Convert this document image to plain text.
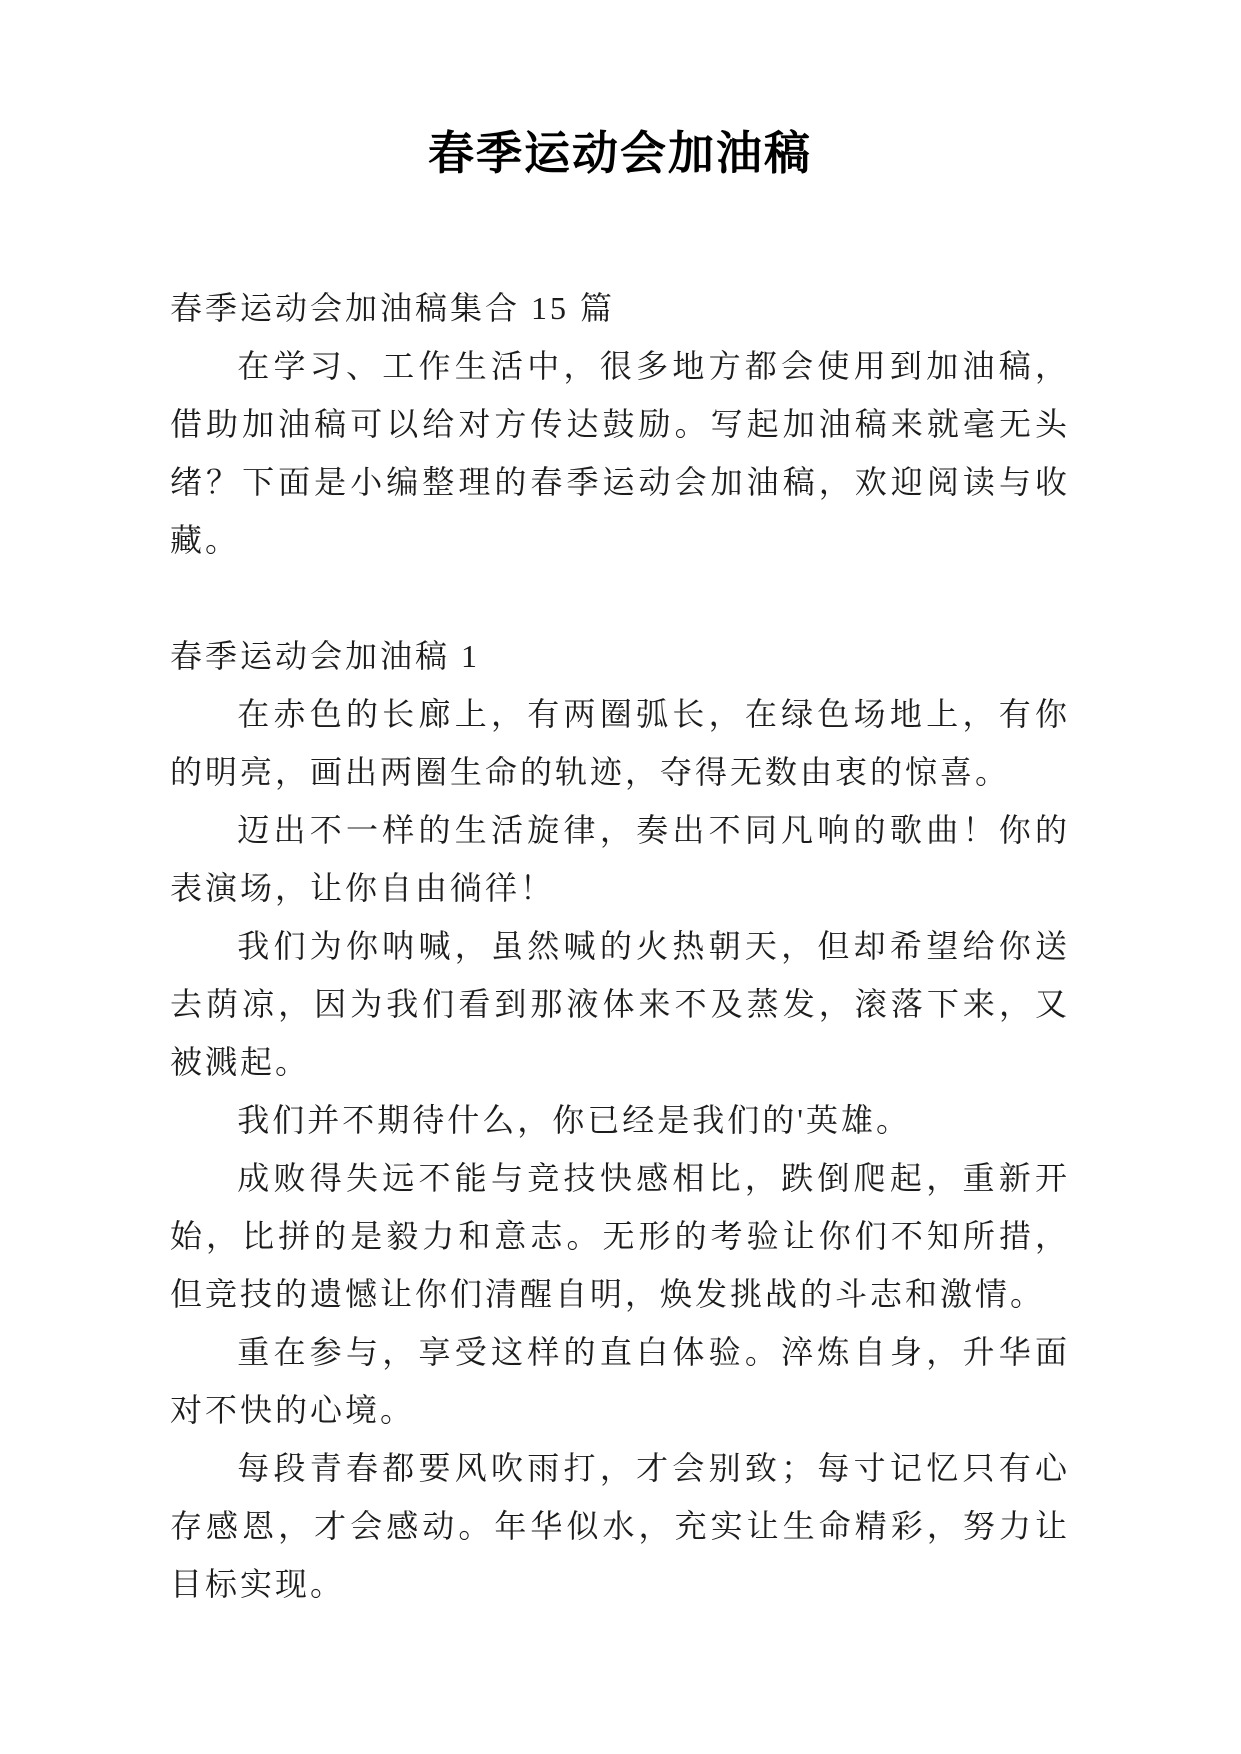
春季运动会加油稿

春季运动会加油稿集合 15 篇

在学习、工作生活中，很多地方都会使用到加油稿，借助加油稿可以给对方传达鼓励。写起加油稿来就毫无头绪？下面是小编整理的春季运动会加油稿，欢迎阅读与收藏。

春季运动会加油稿 1

在赤色的长廊上，有两圈弧长，在绿色场地上，有你的明亮，画出两圈生命的轨迹，夺得无数由衷的惊喜。

迈出不一样的生活旋律，奏出不同凡响的歌曲！你的表演场，让你自由徜徉！

我们为你呐喊，虽然喊的火热朝天，但却希望给你送去荫凉，因为我们看到那液体来不及蒸发，滚落下来，又被溅起。

我们并不期待什么，你已经是我们的'英雄。

成败得失远不能与竞技快感相比，跌倒爬起，重新开始，比拼的是毅力和意志。无形的考验让你们不知所措，但竞技的遗憾让你们清醒自明，焕发挑战的斗志和激情。

重在参与，享受这样的直白体验。淬炼自身，升华面对不快的心境。

每段青春都要风吹雨打，才会别致；每寸记忆只有心存感恩，才会感动。年华似水，充实让生命精彩，努力让目标实现。
